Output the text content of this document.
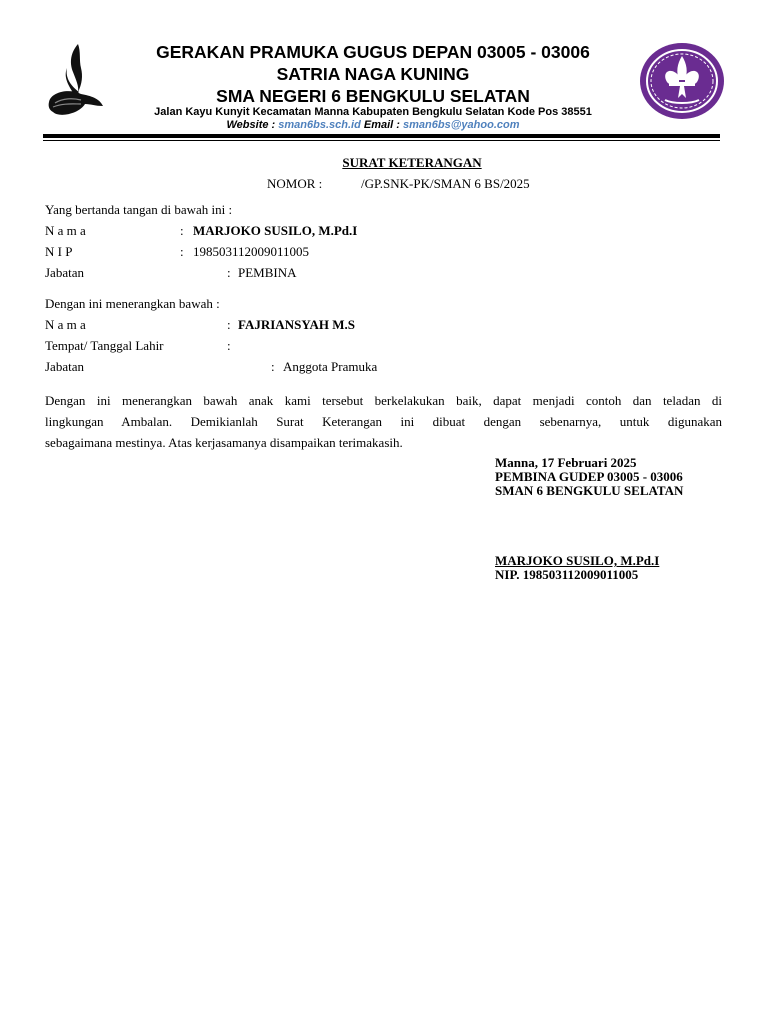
GERAKAN PRAMUKA GUGUS DEPAN 03005 - 03006
SATRIA NAGA KUNING
SMA NEGERI 6 BENGKULU SELATAN
Jalan Kayu Kunyit Kecamatan Manna Kabupaten Bengkulu Selatan Kode Pos 38551
Website : sman6bs.sch.id Email : sman6bs@yahoo.com
SURAT KETERANGAN
NOMOR :	/GP.SNK-PK/SMAN 6 BS/2025
Yang bertanda tangan di bawah ini :
N a m a	: MARJOKO SUSILO, M.Pd.I
N I P	: 198503112009011005
Jabatan	: PEMBINA
Dengan ini menerangkan bawah :
N a m a	: FAJRIANSYAH M.S
Tempat/ Tanggal Lahir	:
Jabatan	: Anggota Pramuka
Dengan ini menerangkan bawah anak kami tersebut berkelakukan baik, dapat menjadi contoh dan teladan di
lingkungan Ambalan. Demikianlah Surat Keterangan ini dibuat dengan sebenarnya, untuk digunakan
sebagaimana mestinya. Atas kerjasamanya disampaikan terimakasih.
Manna, 17 Februari 2025
PEMBINA GUDEP 03005 - 03006
SMAN 6 BENGKULU SELATAN
MARJOKO SUSILO, M.Pd.I
NIP. 198503112009011005
